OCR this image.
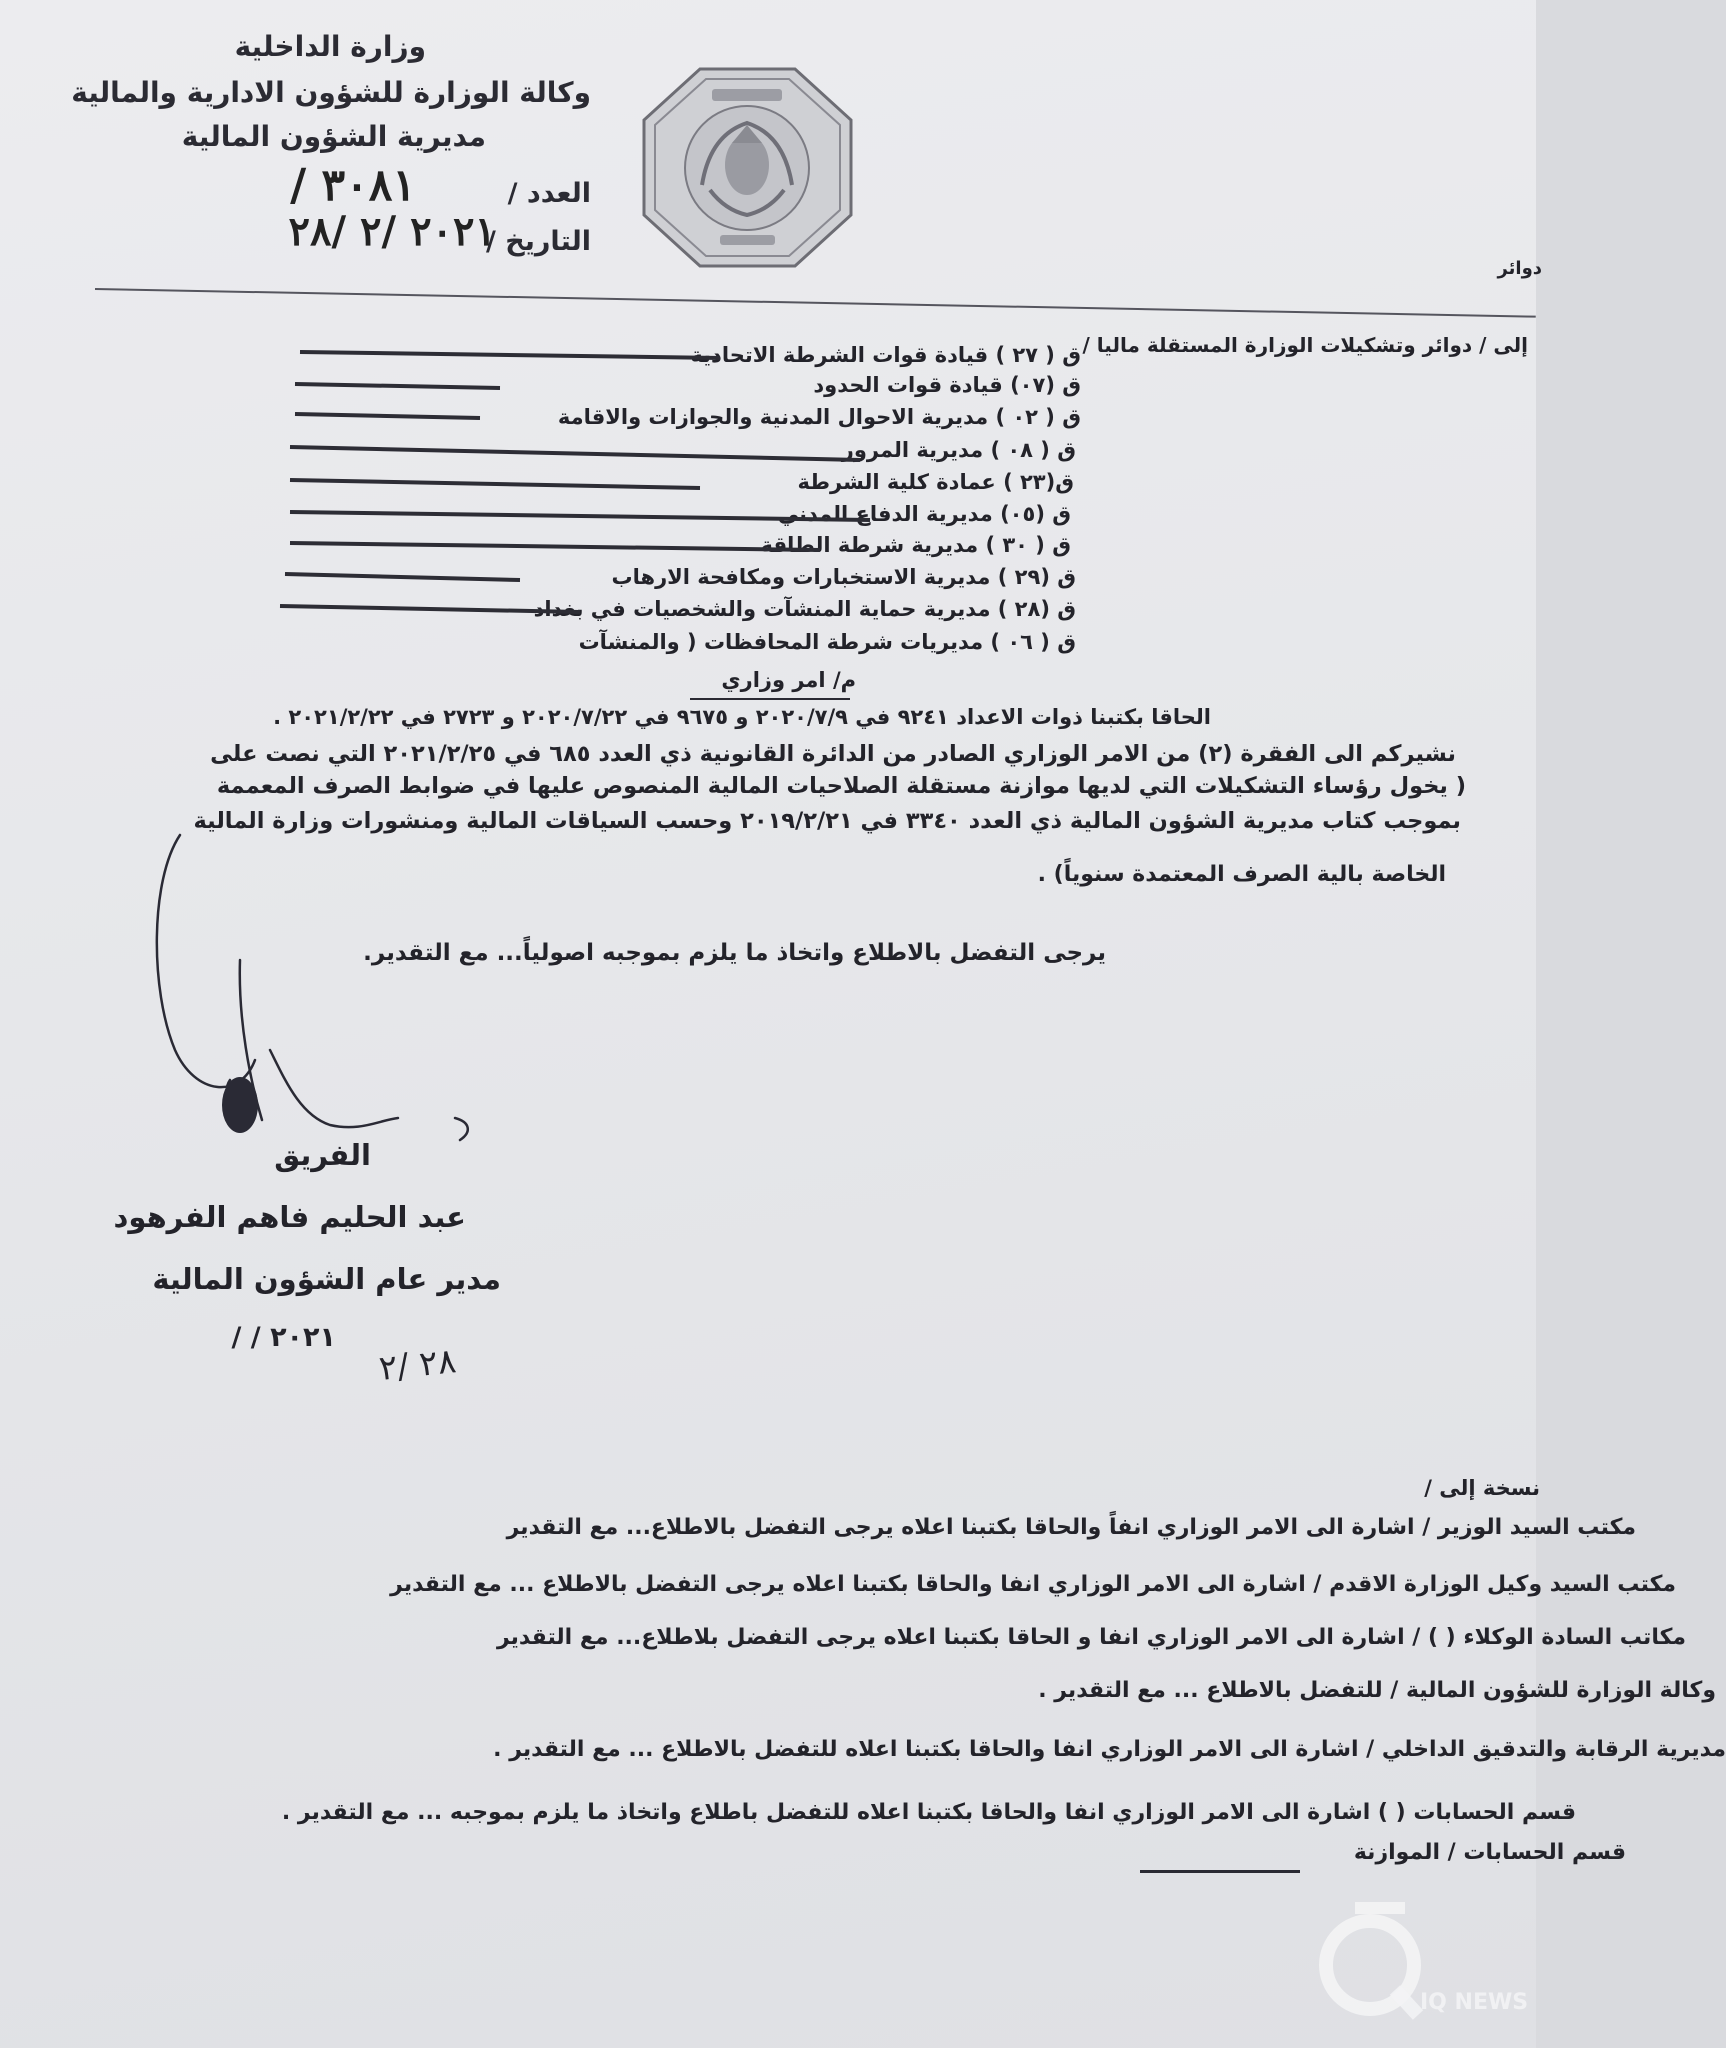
وزارة الداخلية
وكالة الوزارة للشؤون الادارية والمالية
مديرية الشؤون المالية
العدد /
٣٠٨١ /
التاريخ /
٢٠٢١ /٢ /٢٨
دوائر
إلى / دوائر وتشكيلات الوزارة المستقلة ماليا /
ق ( ٢٧ ) قيادة قوات الشرطة الاتحادية
ق (٠٧) قيادة قوات الحدود
ق ( ٠٢ ) مديرية الاحوال المدنية والجوازات والاقامة
ق ( ٠٨ ) مديرية المرور
ق(٢٣ ) عمادة كلية الشرطة
ق (٠٥) مديرية الدفاع المدني
ق ( ٣٠ ) مديرية شرطة الطاقة
ق (٢٩ ) مديرية الاستخبارات ومكافحة الارهاب
ق (٢٨ ) مديرية حماية المنشآت والشخصيات في بغداد
ق ( ٠٦ ) مديريات شرطة المحافظات ( والمنشآت
م/ امر وزاري
الحاقا بكتبنا ذوات الاعداد ٩٢٤١ في ٢٠٢٠/٧/٩ و ٩٦٧٥ في ٢٠٢٠/٧/٢٢ و ٢٧٢٣ في ٢٠٢١/٢/٢٢ .
نشيركم الى الفقرة (٢) من الامر الوزاري الصادر من الدائرة القانونية ذي العدد ٦٨٥ في ٢٠٢١/٢/٢٥ التي نصت على
( يخول رؤساء التشكيلات التي لديها موازنة مستقلة الصلاحيات المالية المنصوص عليها في ضوابط الصرف المعممة
بموجب كتاب مديرية الشؤون المالية ذي العدد ٣٣٤٠ في ٢٠١٩/٢/٢١ وحسب السياقات المالية ومنشورات وزارة المالية
الخاصة بالية الصرف المعتمدة سنوياً) .
يرجى التفضل بالاطلاع واتخاذ ما يلزم بموجبه اصولياً... مع التقدير.
الفريق
عبد الحليم فاهم الفرهود
مدير عام الشؤون المالية
٢٠٢١ / /
٢٨ /٢
نسخة إلى /
مكتب السيد الوزير / اشارة الى الامر الوزاري انفاً والحاقا بكتبنا اعلاه يرجى التفضل بالاطلاع... مع التقدير
مكتب السيد وكيل الوزارة الاقدم / اشارة الى الامر الوزاري انفا والحاقا بكتبنا اعلاه يرجى التفضل بالاطلاع ... مع التقدير
مكاتب السادة الوكلاء ( ) / اشارة الى الامر الوزاري انفا و الحاقا بكتبنا اعلاه يرجى التفضل بلاطلاع... مع التقدير
وكالة الوزارة للشؤون المالية / للتفضل بالاطلاع ... مع التقدير .
مديرية الرقابة والتدقيق الداخلي / اشارة الى الامر الوزاري انفا والحاقا بكتبنا اعلاه للتفضل بالاطلاع ... مع التقدير .
قسم الحسابات ( ) اشارة الى الامر الوزاري انفا والحاقا بكتبنا اعلاه للتفضل باطلاع واتخاذ ما يلزم بموجبه ... مع التقدير .
قسم الحسابات / الموازنة
IQ NEWS
